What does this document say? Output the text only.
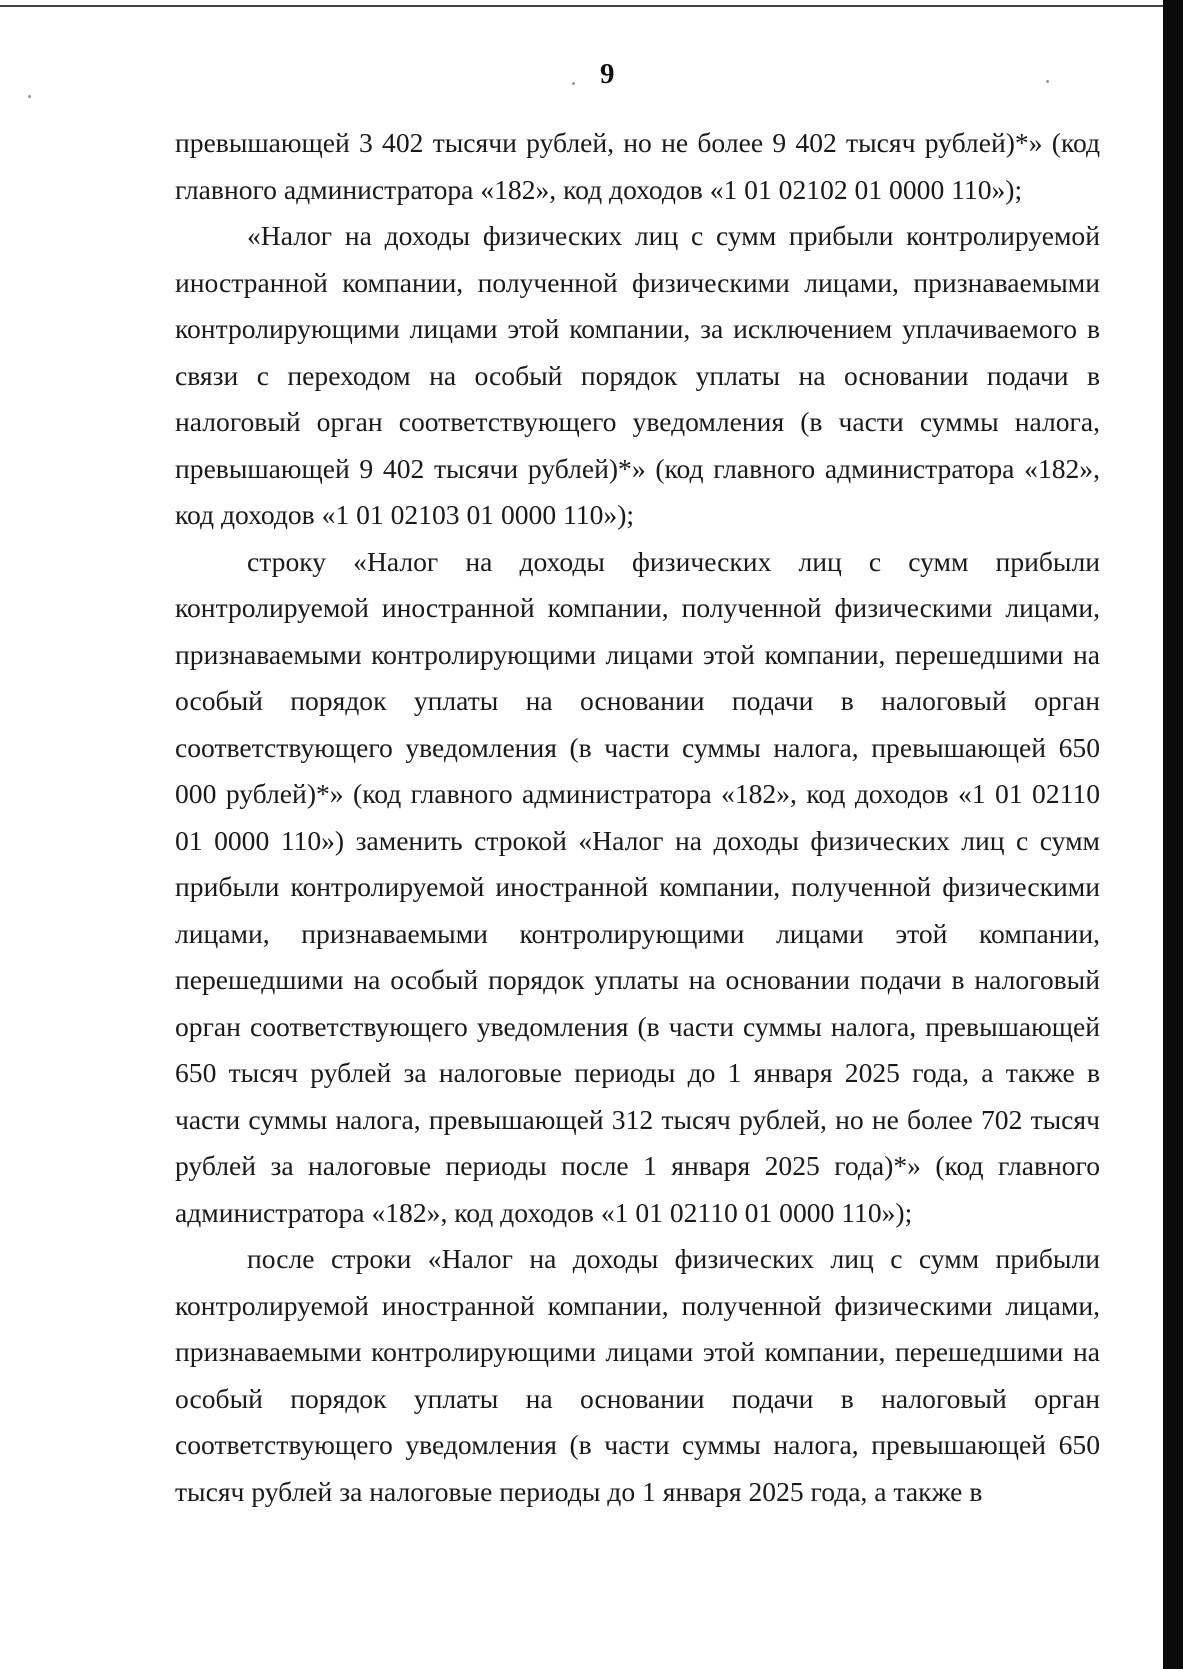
9

превышающей 3 402 тысячи рублей, но не более 9 402 тысяч рублей)*» (код главного администратора «182», код доходов «1 01 02102 01 0000 110»);

«Налог на доходы физических лиц с сумм прибыли контролируемой иностранной компании, полученной физическими лицами, признаваемыми контролирующими лицами этой компании, за исключением уплачиваемого в связи с переходом на особый порядок уплаты на основании подачи в налоговый орган соответствующего уведомления (в части суммы налога, превышающей 9 402 тысячи рублей)*» (код главного администратора «182», код доходов «1 01 02103 01 0000 110»);

строку «Налог на доходы физических лиц с сумм прибыли контролируемой иностранной компании, полученной физическими лицами, признаваемыми контролирующими лицами этой компании, перешедшими на особый порядок уплаты на основании подачи в налоговый орган соответствующего уведомления (в части суммы налога, превышающей 650 000 рублей)*» (код главного администратора «182», код доходов «1 01 02110 01 0000 110») заменить строкой «Налог на доходы физических лиц с сумм прибыли контролируемой иностранной компании, полученной физическими лицами, признаваемыми контролирующими лицами этой компании, перешедшими на особый порядок уплаты на основании подачи в налоговый орган соответствующего уведомления (в части суммы налога, превышающей 650 тысяч рублей за налоговые периоды до 1 января 2025 года, а также в части суммы налога, превышающей 312 тысяч рублей, но не более 702 тысяч рублей за налоговые периоды после 1 января 2025 года)*» (код главного администратора «182», код доходов «1 01 02110 01 0000 110»);

после строки «Налог на доходы физических лиц с сумм прибыли контролируемой иностранной компании, полученной физическими лицами, признаваемыми контролирующими лицами этой компании, перешедшими на особый порядок уплаты на основании подачи в налоговый орган соответствующего уведомления (в части суммы налога, превышающей 650 тысяч рублей за налоговые периоды до 1 января 2025 года, а также в
